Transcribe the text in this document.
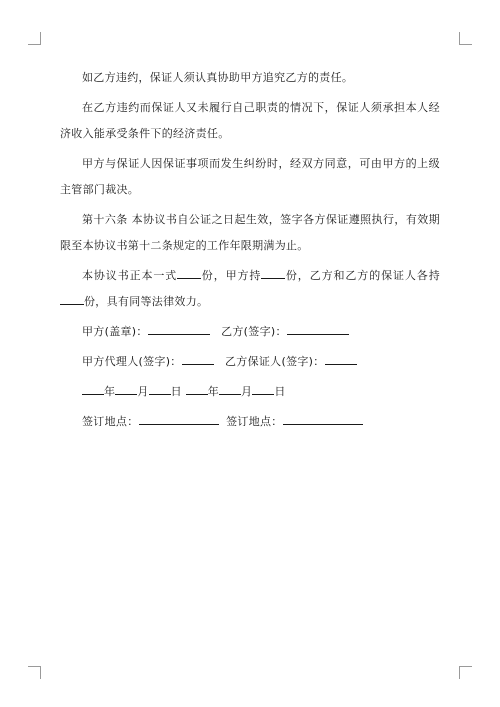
如乙方违约，保证人须认真协助甲方追究乙方的责任。

在乙方违约而保证人又未履行自己职责的情况下，保证人须承担本人经济收入能承受条件下的经济责任。

甲方与保证人因保证事项而发生纠纷时，经双方同意，可由甲方的上级主管部门裁决。

第十六条 本协议书自公证之日起生效，签字各方保证遵照执行，有效期限至本协议书第十二条规定的工作年限期满为止。

本协议书正本一式 份，甲方持 份，乙方和乙方的保证人各持份，具有同等法律效力。

甲方(盖章)：	乙方(签字)：
甲方代理人(签字)：	乙方保证人(签字)：
年 月 日 年 月 日
签订地点：	签订地点：
